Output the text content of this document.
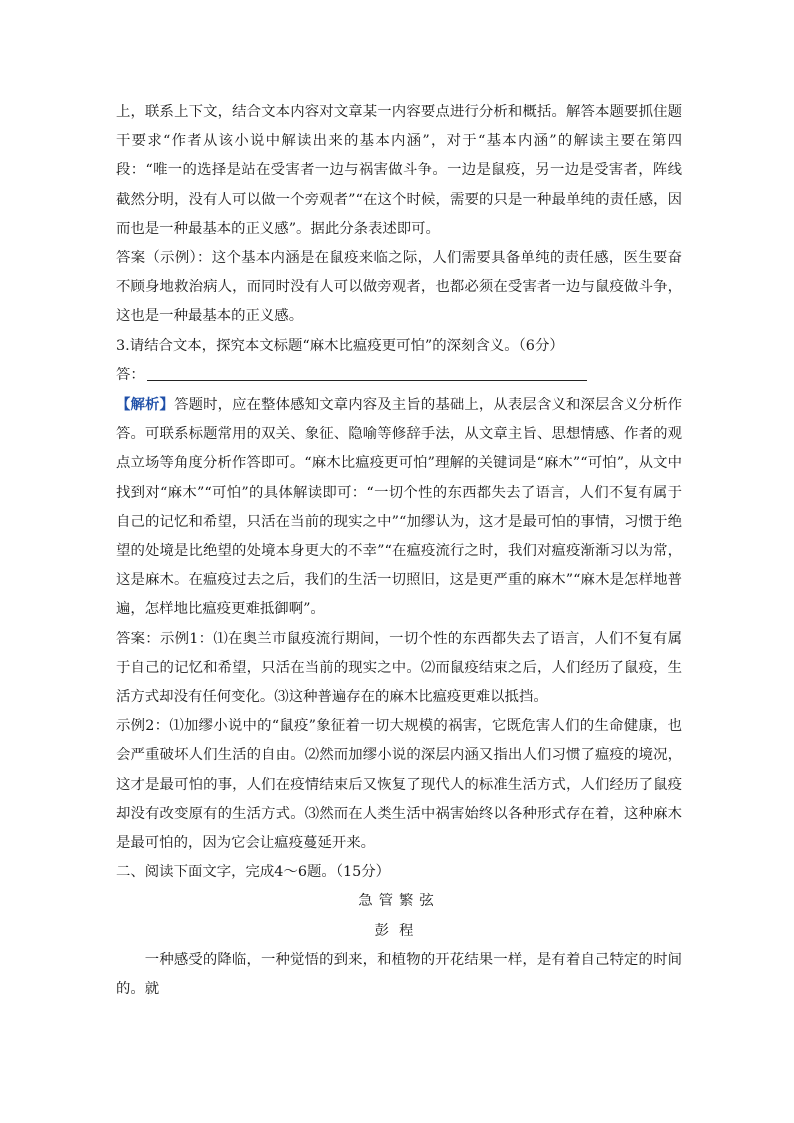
上，联系上下文，结合文本内容对文章某一内容要点进行分析和概括。解答本题要抓住题干要求“作者从该小说中解读出来的基本内涵”，对于“基本内涵”的解读主要在第四段：“唯一的选择是站在受害者一边与祸害做斗争。一边是鼠疫，另一边是受害者，阵线截然分明，没有人可以做一个旁观者”“在这个时候，需要的只是一种最单纯的责任感，因而也是一种最基本的正义感”。据此分条表述即可。

答案（示例）：这个基本内涵是在鼠疫来临之际，人们需要具备单纯的责任感，医生要奋不顾身地救治病人，而同时没有人可以做旁观者，也都必须在受害者一边与鼠疫做斗争，这也是一种最基本的正义感。

3.请结合文本，探究本文标题“麻木比瘟疫更可怕”的深刻含义。（6分）

答：

【解析】答题时，应在整体感知文章内容及主旨的基础上，从表层含义和深层含义分析作答。可联系标题常用的双关、象征、隐喻等修辞手法，从文章主旨、思想情感、作者的观点立场等角度分析作答即可。“麻木比瘟疫更可怕”理解的关键词是“麻木”“可怕”，从文中找到对“麻木”“可怕”的具体解读即可：“一切个性的东西都失去了语言，人们不复有属于自己的记忆和希望，只活在当前的现实之中”“加缪认为，这才是最可怕的事情，习惯于绝望的处境是比绝望的处境本身更大的不幸”“在瘟疫流行之时，我们对瘟疫渐渐习以为常，这是麻木。在瘟疫过去之后，我们的生活一切照旧，这是更严重的麻木”“麻木是怎样地普遍，怎样地比瘟疫更难抵御啊”。

答案：示例1：⑴在奥兰市鼠疫流行期间，一切个性的东西都失去了语言，人们不复有属于自己的记忆和希望，只活在当前的现实之中。⑵而鼠疫结束之后，人们经历了鼠疫，生活方式却没有任何变化。⑶这种普遍存在的麻木比瘟疫更难以抵挡。

示例2：⑴加缪小说中的“鼠疫”象征着一切大规模的祸害，它既危害人们的生命健康，也会严重破坏人们生活的自由。⑵然而加缪小说的深层内涵又指出人们习惯了瘟疫的境况，这才是最可怕的事，人们在疫情结束后又恢复了现代人的标准生活方式，人们经历了鼠疫却没有改变原有的生活方式。⑶然而在人类生活中祸害始终以各种形式存在着，这种麻木是最可怕的，因为它会让瘟疫蔓延开来。

二、阅读下面文字，完成4～6题。（15分）

急管繁弦

彭程

一种感受的降临，一种觉悟的到来，和植物的开花结果一样，是有着自己特定的时间的。就
